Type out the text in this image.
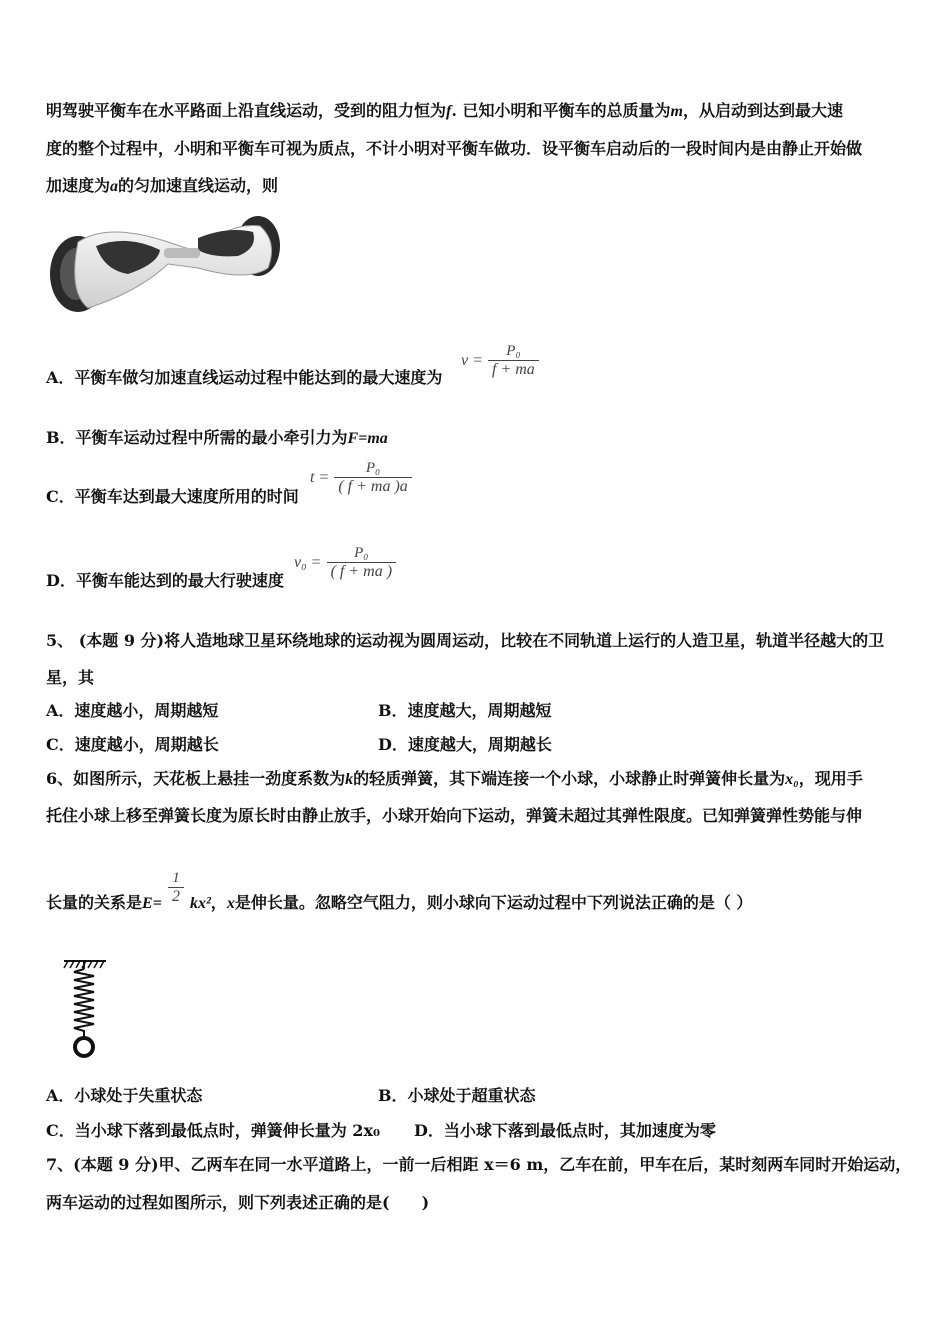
明驾驶平衡车在水平路面上沿直线运动，受到的阻力恒为f. 已知小明和平衡车的总质量为m，从启动到达到最大速
度的整个过程中，小明和平衡车可视为质点，不计小明对平衡车做功．设平衡车启动后的一段时间内是由静止开始做
加速度为a的匀加速直线运动，则
A．平衡车做匀加速直线运动过程中能达到的最大速度为
$v = \frac{\text{P₀}}{f + ma}$
B．平衡车运动过程中所需的最小牵引力为F=ma
C．平衡车达到最大速度所用的时间
$t = \frac{\text{P₀}}{( f + ma )a}$
D．平衡车能达到的最大行驶速度
$v_0 = \frac{\text{P₀}}{( f + ma )}$
5、 (本题 9 分)将人造地球卫星环绕地球的运动视为圆周运动，比较在不同轨道上运行的人造卫星，轨道半径越大的卫
星，其
A．速度越小，周期越短	B．速度越大，周期越短
C．速度越小，周期越长	D．速度越大，周期越长
6、如图所示，天花板上悬挂一劲度系数为k的轻质弹簧，其下端连接一个小球，小球静止时弹簧伸长量为x₀，现用手
托住小球上移至弹簧长度为原长时由静止放手，小球开始向下运动，弹簧未超过其弹性限度。已知弹簧弹性势能与伸
长量的关系是$E= \frac{1}{2} kx^2$，x是伸长量。忽略空气阻力，则小球向下运动过程中下列说法正确的是（ ）
A．小球处于失重状态	B．小球处于超重状态
C．当小球下落到最低点时，弹簧伸长量为 2x₀ D．当小球下落到最低点时，其加速度为零
7、(本题 9 分)甲、乙两车在同一水平道路上，一前一后相距 x＝6 m，乙车在前，甲车在后，某时刻两车同时开始运动，
两车运动的过程如图所示，则下列表述正确的是(　　)
